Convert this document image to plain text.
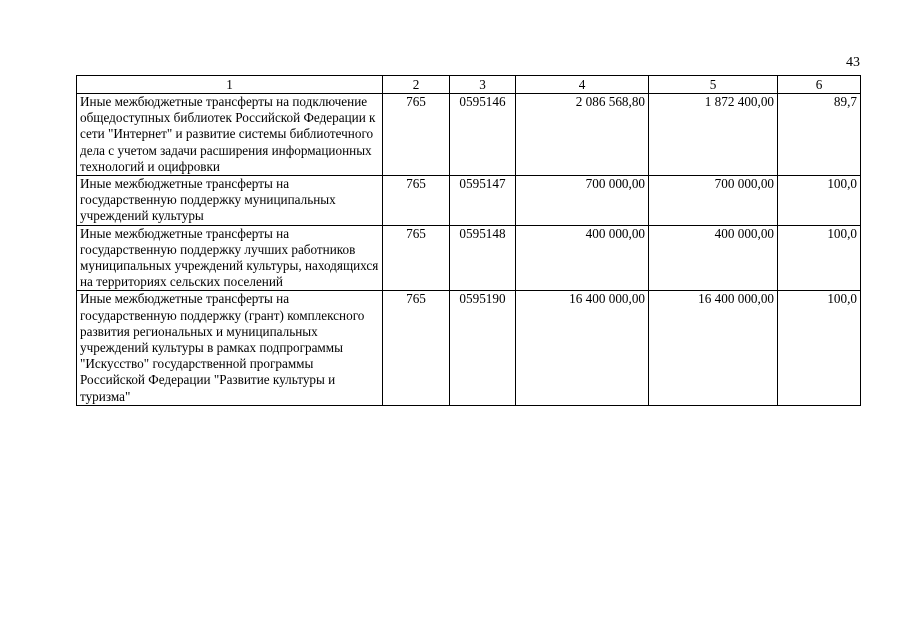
43
1	2	3	4	5	6
Иные межбюджетные трансферты на подключение общедоступных библиотек Российской Федерации к сети "Интернет" и развитие системы библиотечного дела с учетом задачи расширения информационных технологий и оцифровки	765	0595146	2 086 568,80	1 872 400,00	89,7
Иные межбюджетные трансферты на государственную поддержку муниципальных учреждений культуры	765	0595147	700 000,00	700 000,00	100,0
Иные межбюджетные трансферты на государственную поддержку лучших работников муниципальных учреждений культуры, находящихся на территориях сельских поселений	765	0595148	400 000,00	400 000,00	100,0
Иные межбюджетные трансферты на государственную поддержку (грант) комплексного развития региональных и муниципальных учреждений культуры в рамках подпрограммы "Искусство" государственной программы Российской Федерации "Развитие культуры и туризма"	765	0595190	16 400 000,00	16 400 000,00	100,0
